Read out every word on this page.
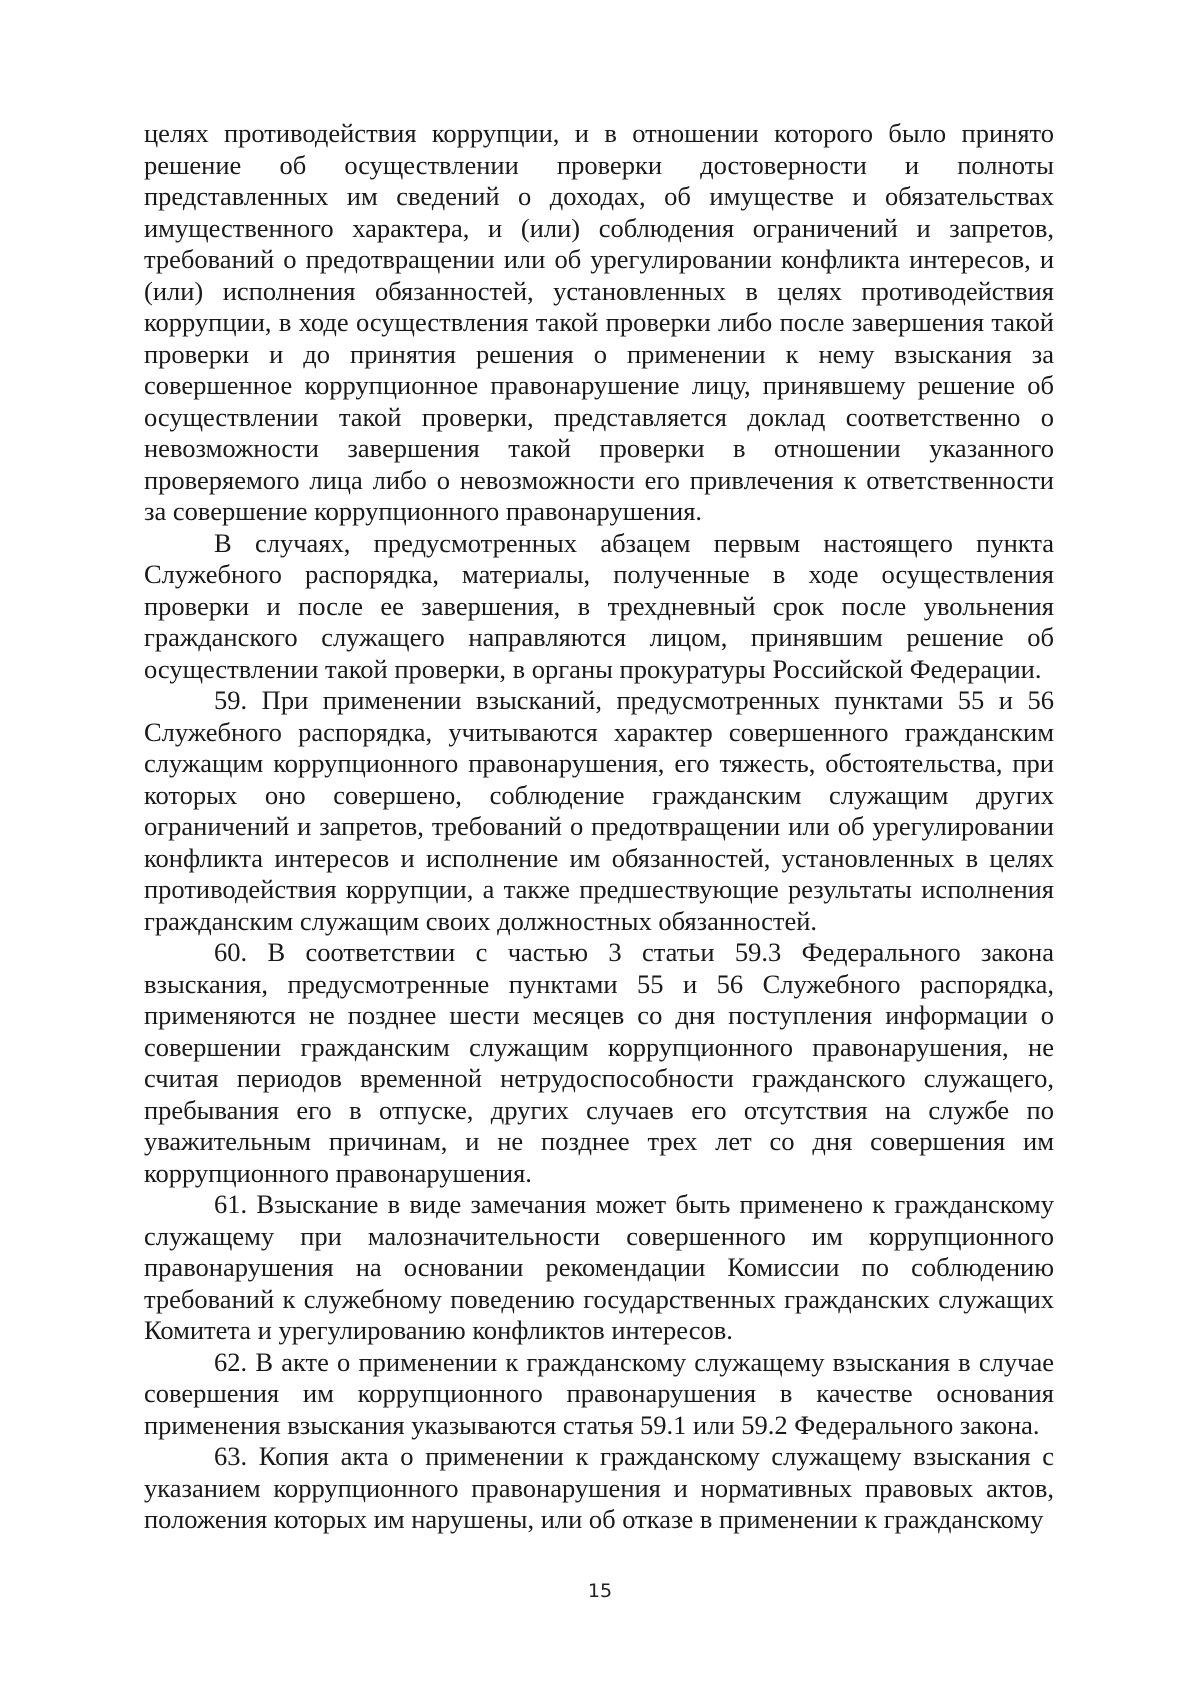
целях противодействия коррупции, и в отношении которого было принято решение об осуществлении проверки достоверности и полноты представленных им сведений о доходах, об имуществе и обязательствах имущественного характера, и (или) соблюдения ограничений и запретов, требований о предотвращении или об урегулировании конфликта интересов, и (или) исполнения обязанностей, установленных в целях противодействия коррупции, в ходе осуществления такой проверки либо после завершения такой проверки и до принятия решения о применении к нему взыскания за совершенное коррупционное правонарушение лицу, принявшему решение об осуществлении такой проверки, представляется доклад соответственно о невозможности завершения такой проверки в отношении указанного проверяемого лица либо о невозможности его привлечения к ответственности за совершение коррупционного правонарушения.

В случаях, предусмотренных абзацем первым настоящего пункта Служебного распорядка, материалы, полученные в ходе осуществления проверки и после ее завершения, в трехдневный срок после увольнения гражданского служащего направляются лицом, принявшим решение об осуществлении такой проверки, в органы прокуратуры Российской Федерации.

59. При применении взысканий, предусмотренных пунктами 55 и 56 Служебного распорядка, учитываются характер совершенного гражданским служащим коррупционного правонарушения, его тяжесть, обстоятельства, при которых оно совершено, соблюдение гражданским служащим других ограничений и запретов, требований о предотвращении или об урегулировании конфликта интересов и исполнение им обязанностей, установленных в целях противодействия коррупции, а также предшествующие результаты исполнения гражданским служащим своих должностных обязанностей.

60. В соответствии с частью 3 статьи 59.3 Федерального закона взыскания, предусмотренные пунктами 55 и 56 Служебного распорядка, применяются не позднее шести месяцев со дня поступления информации о совершении гражданским служащим коррупционного правонарушения, не считая периодов временной нетрудоспособности гражданского служащего, пребывания его в отпуске, других случаев его отсутствия на службе по уважительным причинам, и не позднее трех лет со дня совершения им коррупционного правонарушения.

61. Взыскание в виде замечания может быть применено к гражданскому служащему при малозначительности совершенного им коррупционного правонарушения на основании рекомендации Комиссии по соблюдению требований к служебному поведению государственных гражданских служащих Комитета и урегулированию конфликтов интересов.

62. В акте о применении к гражданскому служащему взыскания в случае совершения им коррупционного правонарушения в качестве основания применения взыскания указываются статья 59.1 или 59.2 Федерального закона.

63. Копия акта о применении к гражданскому служащему взыскания с указанием коррупционного правонарушения и нормативных правовых актов, положения которых им нарушены, или об отказе в применении к гражданскому

15
